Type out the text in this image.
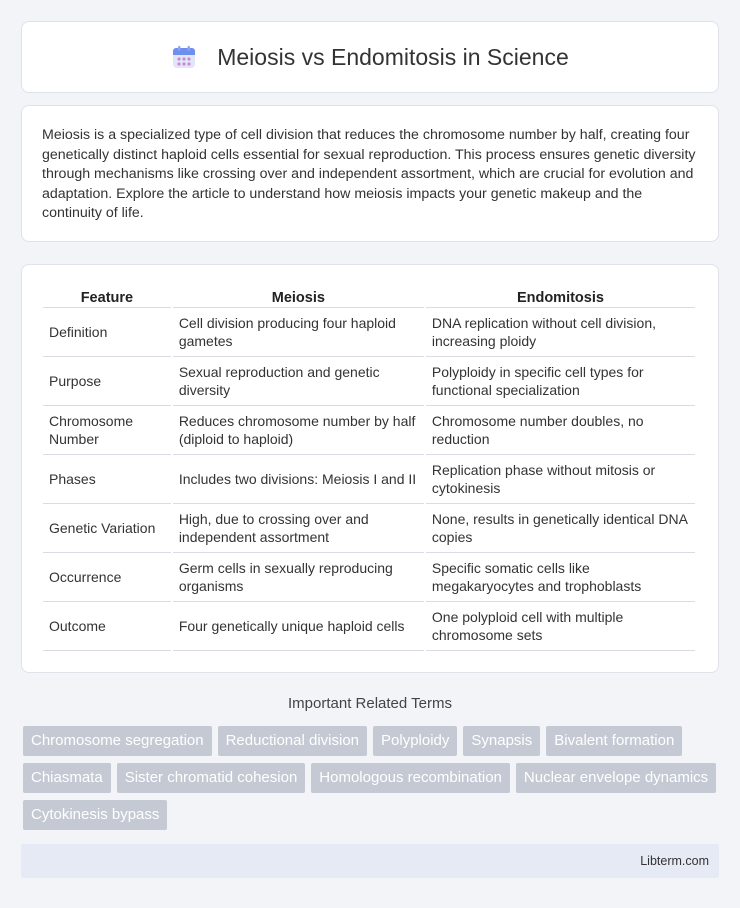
Meiosis vs Endomitosis in Science

Meiosis is a specialized type of cell division that reduces the chromosome number by half, creating four genetically distinct haploid cells essential for sexual reproduction. This process ensures genetic diversity through mechanisms like crossing over and independent assortment, which are crucial for evolution and adaptation. Explore the article to understand how meiosis impacts your genetic makeup and the continuity of life.

Feature	Meiosis	Endomitosis
Definition	Cell division producing four haploid gametes	DNA replication without cell division, increasing ploidy
Purpose	Sexual reproduction and genetic diversity	Polyploidy in specific cell types for functional specialization
Chromosome Number	Reduces chromosome number by half (diploid to haploid)	Chromosome number doubles, no reduction
Phases	Includes two divisions: Meiosis I and II	Replication phase without mitosis or cytokinesis
Genetic Variation	High, due to crossing over and independent assortment	None, results in genetically identical DNA copies
Occurrence	Germ cells in sexually reproducing organisms	Specific somatic cells like megakaryocytes and trophoblasts
Outcome	Four genetically unique haploid cells	One polyploid cell with multiple chromosome sets
Important Related Terms
Chromosome segregation	Reductional division	Polyploidy	Synapsis	Bivalent formation
Chiasmata	Sister chromatid cohesion	Homologous recombination	Nuclear envelope dynamics
Cytokinesis bypass
Libterm.com
